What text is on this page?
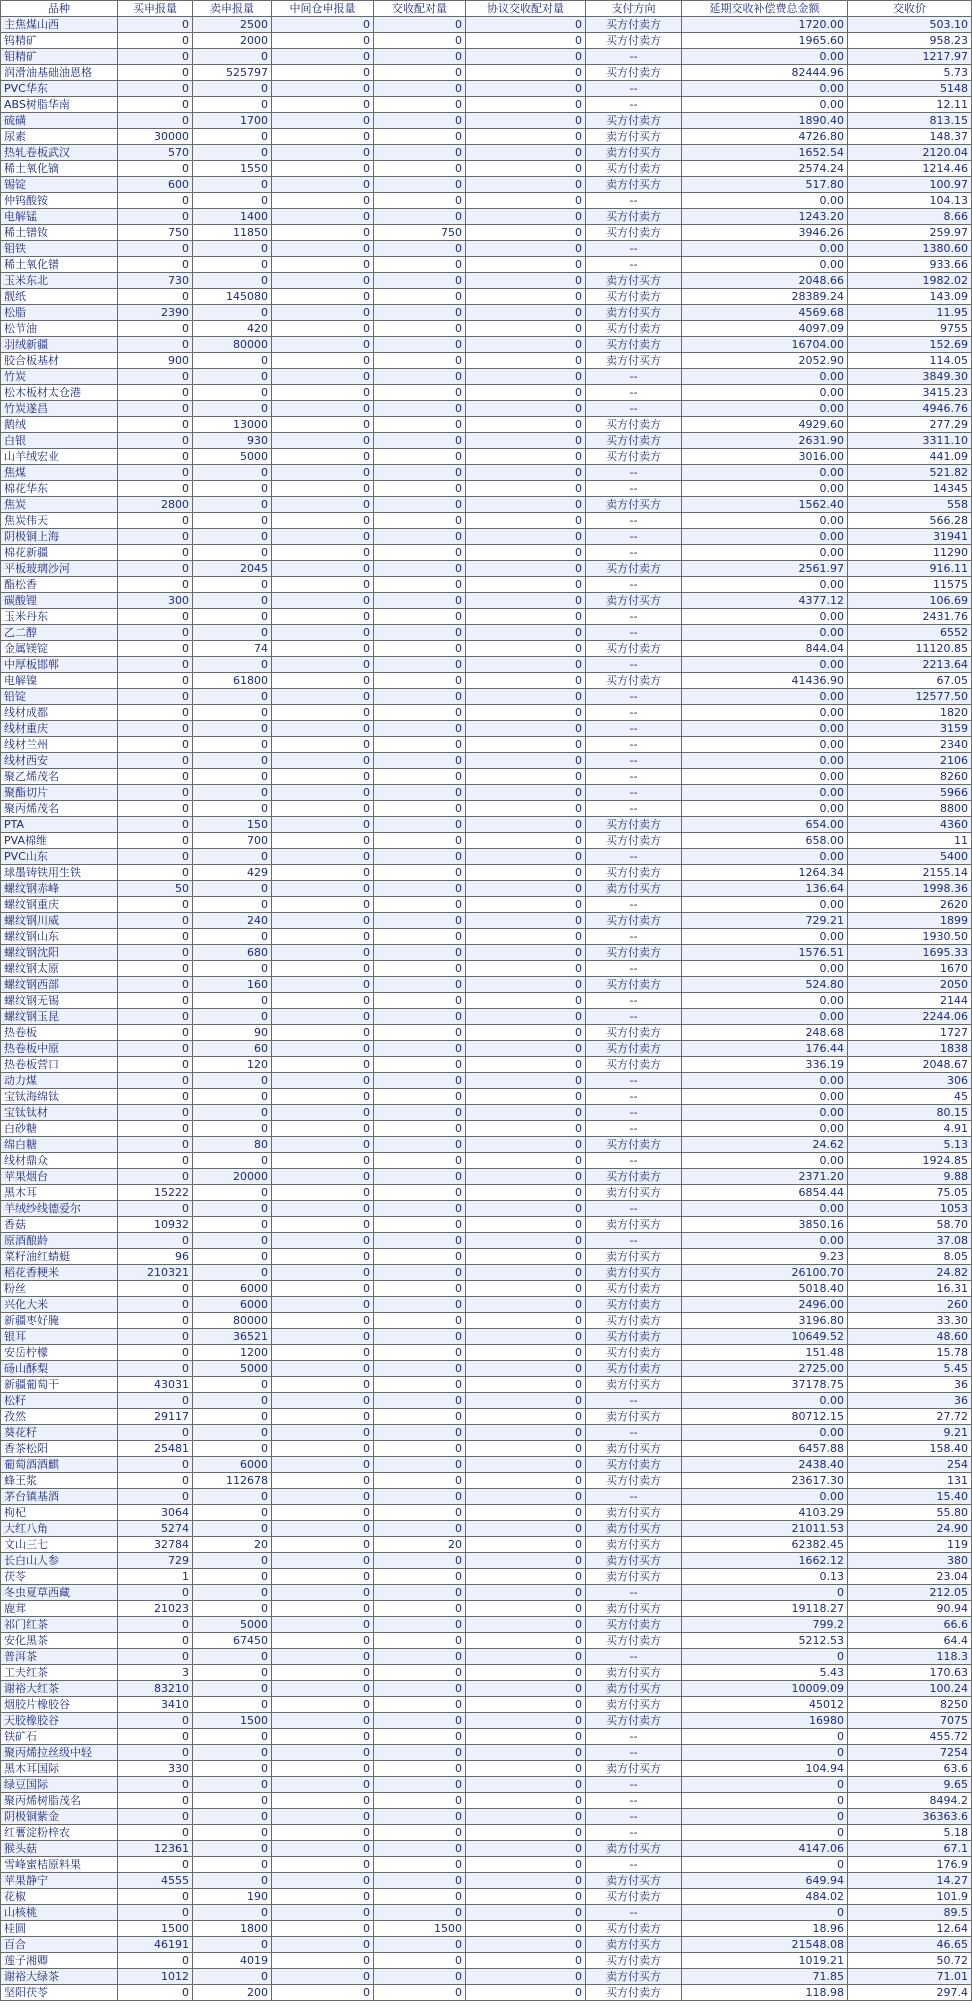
品种	买申报量	卖申报量	中间仓申报量	交收配对量	协议交收配对量	支付方向	延期交收补偿费总金额	交收价
主焦煤山西	0	2500	0	0	0	买方付卖方	1720.00	503.10
钨精矿	0	2000	0	0	0	买方付卖方	1965.60	958.23
钼精矿	0	0	0	0	0	--	0.00	1217.97
润滑油基础油恩格	0	525797	0	0	0	买方付卖方	82444.96	5.73
PVC华东	0	0	0	0	0	--	0.00	5148
ABS树脂华南	0	0	0	0	0	--	0.00	12.11
硫磺	0	1700	0	0	0	买方付卖方	1890.40	813.15
尿素	30000	0	0	0	0	卖方付买方	4726.80	148.37
热轧卷板武汉	570	0	0	0	0	卖方付买方	1652.54	2120.04
稀土氧化镝	0	1550	0	0	0	买方付卖方	2574.24	1214.46
锡锭	600	0	0	0	0	卖方付买方	517.80	100.97
仲钨酸铵	0	0	0	0	0	--	0.00	104.13
电解锰	0	1400	0	0	0	买方付卖方	1243.20	8.66
稀土镨钕	750	11850	0	750	0	买方付卖方	3946.26	259.97
钼铁	0	0	0	0	0	--	0.00	1380.60
稀土氧化镨	0	0	0	0	0	--	0.00	933.66
玉米东北	730	0	0	0	0	卖方付买方	2048.66	1982.02
靓纸	0	145080	0	0	0	买方付卖方	28389.24	143.09
松脂	2390	0	0	0	0	卖方付买方	4569.68	11.95
松节油	0	420	0	0	0	买方付卖方	4097.09	9755
羽绒新疆	0	80000	0	0	0	买方付卖方	16704.00	152.69
胶合板基材	900	0	0	0	0	卖方付买方	2052.90	114.05
竹炭	0	0	0	0	0	--	0.00	3849.30
松木板材太仓港	0	0	0	0	0	--	0.00	3415.23
竹炭遂昌	0	0	0	0	0	--	0.00	4946.76
鹅绒	0	13000	0	0	0	买方付卖方	4929.60	277.29
白银	0	930	0	0	0	买方付卖方	2631.90	3311.10
山羊绒宏业	0	5000	0	0	0	买方付卖方	3016.00	441.09
焦煤	0	0	0	0	0	--	0.00	521.82
棉花华东	0	0	0	0	0	--	0.00	14345
焦炭	2800	0	0	0	0	卖方付买方	1562.40	558
焦炭伟天	0	0	0	0	0	--	0.00	566.28
阴极铜上海	0	0	0	0	0	--	0.00	31941
棉花新疆	0	0	0	0	0	--	0.00	11290
平板玻璃沙河	0	2045	0	0	0	买方付卖方	2561.97	916.11
酯松香	0	0	0	0	0	--	0.00	11575
碳酸锂	300	0	0	0	0	卖方付买方	4377.12	106.69
玉米丹东	0	0	0	0	0	--	0.00	2431.76
乙二醇	0	0	0	0	0	--	0.00	6552
金属镁锭	0	74	0	0	0	买方付卖方	844.04	11120.85
中厚板邯郸	0	0	0	0	0	--	0.00	2213.64
电解镍	0	61800	0	0	0	买方付卖方	41436.90	67.05
铅锭	0	0	0	0	0	--	0.00	12577.50
线材成都	0	0	0	0	0	--	0.00	1820
线材重庆	0	0	0	0	0	--	0.00	3159
线材兰州	0	0	0	0	0	--	0.00	2340
线材西安	0	0	0	0	0	--	0.00	2106
聚乙烯茂名	0	0	0	0	0	--	0.00	8260
聚酯切片	0	0	0	0	0	--	0.00	5966
聚丙烯茂名	0	0	0	0	0	--	0.00	8800
PTA	0	150	0	0	0	买方付卖方	654.00	4360
PVA棉维	0	700	0	0	0	买方付卖方	658.00	11
PVC山东	0	0	0	0	0	--	0.00	5400
球墨铸铁用生铁	0	429	0	0	0	买方付卖方	1264.34	2155.14
螺纹钢赤峰	50	0	0	0	0	卖方付买方	136.64	1998.36
螺纹钢重庆	0	0	0	0	0	--	0.00	2620
螺纹钢川威	0	240	0	0	0	买方付卖方	729.21	1899
螺纹钢山东	0	0	0	0	0	--	0.00	1930.50
螺纹钢沈阳	0	680	0	0	0	买方付卖方	1576.51	1695.33
螺纹钢太原	0	0	0	0	0	--	0.00	1670
螺纹钢西部	0	160	0	0	0	买方付卖方	524.80	2050
螺纹钢无锡	0	0	0	0	0	--	0.00	2144
螺纹钢玉昆	0	0	0	0	0	--	0.00	2244.06
热卷板	0	90	0	0	0	买方付卖方	248.68	1727
热卷板中原	0	60	0	0	0	买方付卖方	176.44	1838
热卷板营口	0	120	0	0	0	买方付卖方	336.19	2048.67
动力煤	0	0	0	0	0	--	0.00	306
宝钛海绵钛	0	0	0	0	0	--	0.00	45
宝钛钛材	0	0	0	0	0	--	0.00	80.15
白砂糖	0	0	0	0	0	--	0.00	4.91
绵白糖	0	80	0	0	0	买方付卖方	24.62	5.13
线材鼎众	0	0	0	0	0	--	0.00	1924.85
苹果烟台	0	20000	0	0	0	买方付卖方	2371.20	9.88
黑木耳	15222	0	0	0	0	卖方付买方	6854.44	75.05
羊绒纱线德爱尔	0	0	0	0	0	--	0.00	1053
香菇	10932	0	0	0	0	卖方付买方	3850.16	58.70
原酒酿龄	0	0	0	0	0	--	0.00	37.08
菜籽油红蜻蜓	96	0	0	0	0	卖方付买方	9.23	8.05
稻花香粳米	210321	0	0	0	0	卖方付买方	26100.70	24.82
粉丝	0	6000	0	0	0	买方付卖方	5018.40	16.31
兴化大米	0	6000	0	0	0	买方付卖方	2496.00	260
新疆枣好腌	0	80000	0	0	0	买方付卖方	3196.80	33.30
银耳	0	36521	0	0	0	买方付卖方	10649.52	48.60
安岳柠檬	0	1200	0	0	0	买方付卖方	151.48	15.78
砀山酥梨	0	5000	0	0	0	买方付卖方	2725.00	5.45
新疆葡萄干	43031	0	0	0	0	卖方付买方	37178.75	36
松籽	0	0	0	0	0	--	0.00	36
孜然	29117	0	0	0	0	卖方付买方	80712.15	27.72
葵花籽	0	0	0	0	0	--	0.00	9.21
香茶松阳	25481	0	0	0	0	卖方付买方	6457.88	158.40
葡萄酒酒麒	0	6000	0	0	0	买方付卖方	2438.40	254
蜂王浆	0	112678	0	0	0	买方付卖方	23617.30	131
茅台镇基酒	0	0	0	0	0	--	0.00	15.40
枸杞	3064	0	0	0	0	卖方付买方	4103.29	55.80
大红八角	5274	0	0	0	0	卖方付买方	21011.53	24.90
文山三七	32784	20	0	20	0	卖方付买方	62382.45	119
长白山人参	729	0	0	0	0	卖方付买方	1662.12	380
茯苓	1	0	0	0	0	卖方付买方	0.13	23.04
冬虫夏草西藏	0	0	0	0	0	--	0	212.05
鹿茸	21023	0	0	0	0	卖方付买方	19118.27	90.94
祁门红茶	0	5000	0	0	0	买方付卖方	799.2	66.6
安化黑茶	0	67450	0	0	0	买方付卖方	5212.53	64.4
普洱茶	0	0	0	0	0	--	0	118.3
工夫红茶	3	0	0	0	0	卖方付买方	5.43	170.63
谢裕大红茶	83210	0	0	0	0	卖方付买方	10009.09	100.24
烟胶片橡胶谷	3410	0	0	0	0	卖方付买方	45012	8250
天胶橡胶谷	0	1500	0	0	0	买方付卖方	16980	7075
铁矿石	0	0	0	0	0	--	0	455.72
聚丙烯拉丝级中轻	0	0	0	0	0	--	0	7254
黑木耳国际	330	0	0	0	0	卖方付买方	104.94	63.6
绿豆国际	0	0	0	0	0	--	0	9.65
聚丙烯树脂茂名	0	0	0	0	0	--	0	8494.2
阴极铜紫金	0	0	0	0	0	--	0	36363.6
红薯淀粉梓农	0	0	0	0	0	--	0	5.18
猴头菇	12361	0	0	0	0	卖方付买方	4147.06	67.1
雪峰蜜桔原料果	0	0	0	0	0	--	0	176.9
苹果静宁	4555	0	0	0	0	卖方付买方	649.94	14.27
花椒	0	190	0	0	0	买方付卖方	484.02	101.9
山核桃	0	0	0	0	0	--	0	89.5
桂圆	1500	1800	0	1500	0	买方付卖方	18.96	12.64
百合	46191	0	0	0	0	卖方付买方	21548.08	46.65
莲子湘卿	0	4019	0	0	0	买方付卖方	1019.21	50.72
谢裕大绿茶	1012	0	0	0	0	卖方付买方	71.85	71.01
坚阳茯苓	0	200	0	0	0	买方付卖方	118.98	297.4
